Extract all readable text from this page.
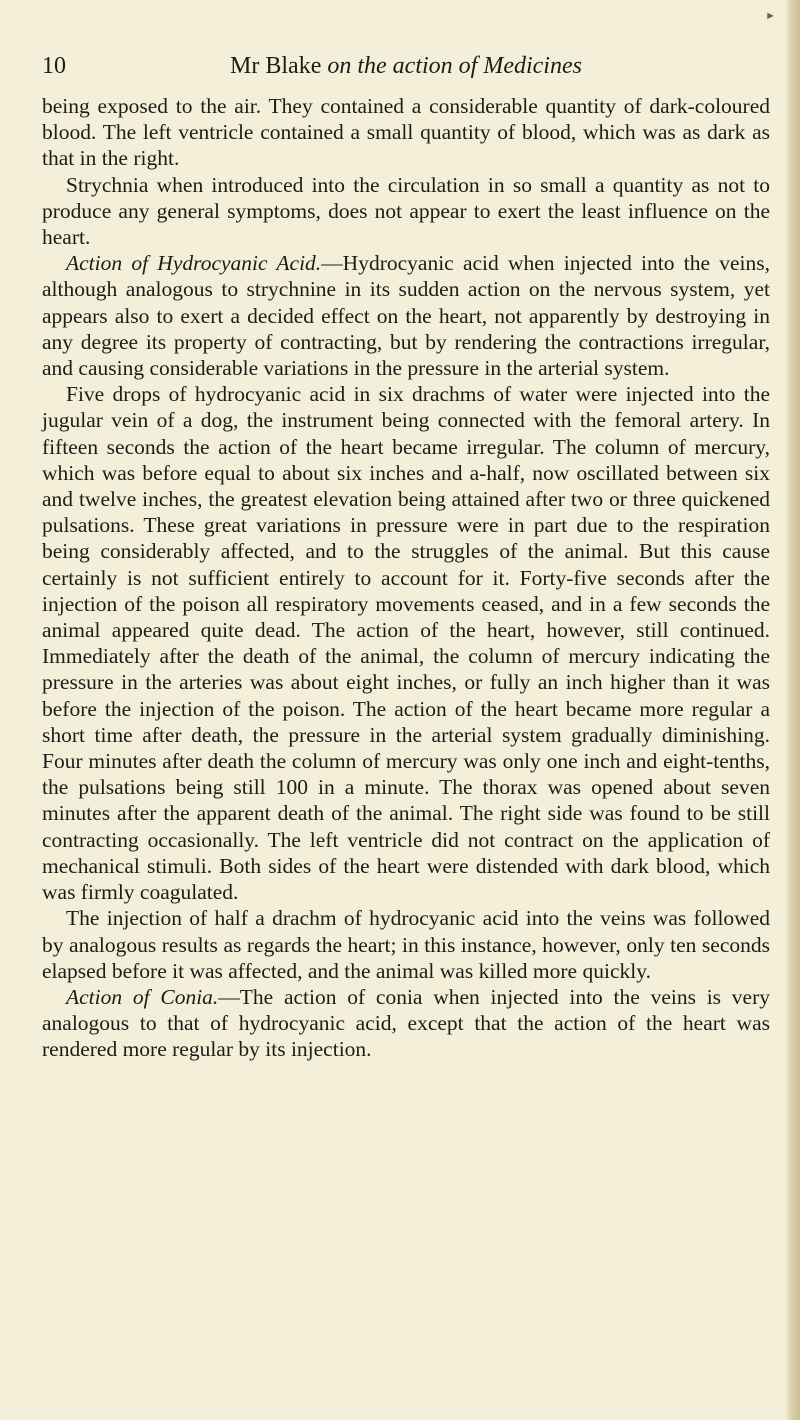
►
10	Mr Blake on the action of Medicines

being exposed to the air. They contained a considerable quantity of dark-coloured blood. The left ventricle contained a small quantity of blood, which was as dark as that in the right.

Strychnia when introduced into the circulation in so small a quantity as not to produce any general symptoms, does not appear to exert the least influence on the heart.

Action of Hydrocyanic Acid.—Hydrocyanic acid when injected into the veins, although analogous to strychnine in its sudden action on the nervous system, yet appears also to exert a decided effect on the heart, not apparently by destroying in any degree its property of contracting, but by rendering the contractions irregular, and causing considerable variations in the pressure in the arterial system.

Five drops of hydrocyanic acid in six drachms of water were injected into the jugular vein of a dog, the instrument being connected with the femoral artery. In fifteen seconds the action of the heart became irregular. The column of mercury, which was before equal to about six inches and a-half, now oscillated between six and twelve inches, the greatest elevation being attained after two or three quickened pulsations. These great variations in pressure were in part due to the respiration being considerably affected, and to the struggles of the animal. But this cause certainly is not sufficient entirely to account for it. Forty-five seconds after the injection of the poison all respiratory movements ceased, and in a few seconds the animal appeared quite dead. The action of the heart, however, still continued. Immediately after the death of the animal, the column of mercury indicating the pressure in the arteries was about eight inches, or fully an inch higher than it was before the injection of the poison. The action of the heart became more regular a short time after death, the pressure in the arterial system gradually diminishing. Four minutes after death the column of mercury was only one inch and eight-tenths, the pulsations being still 100 in a minute. The thorax was opened about seven minutes after the apparent death of the animal. The right side was found to be still contracting occasionally. The left ventricle did not contract on the application of mechanical stimuli. Both sides of the heart were distended with dark blood, which was firmly coagulated.

The injection of half a drachm of hydrocyanic acid into the veins was followed by analogous results as regards the heart; in this instance, however, only ten seconds elapsed before it was affected, and the animal was killed more quickly.

Action of Conia.—The action of conia when injected into the veins is very analogous to that of hydrocyanic acid, except that the action of the heart was rendered more regular by its injection.
